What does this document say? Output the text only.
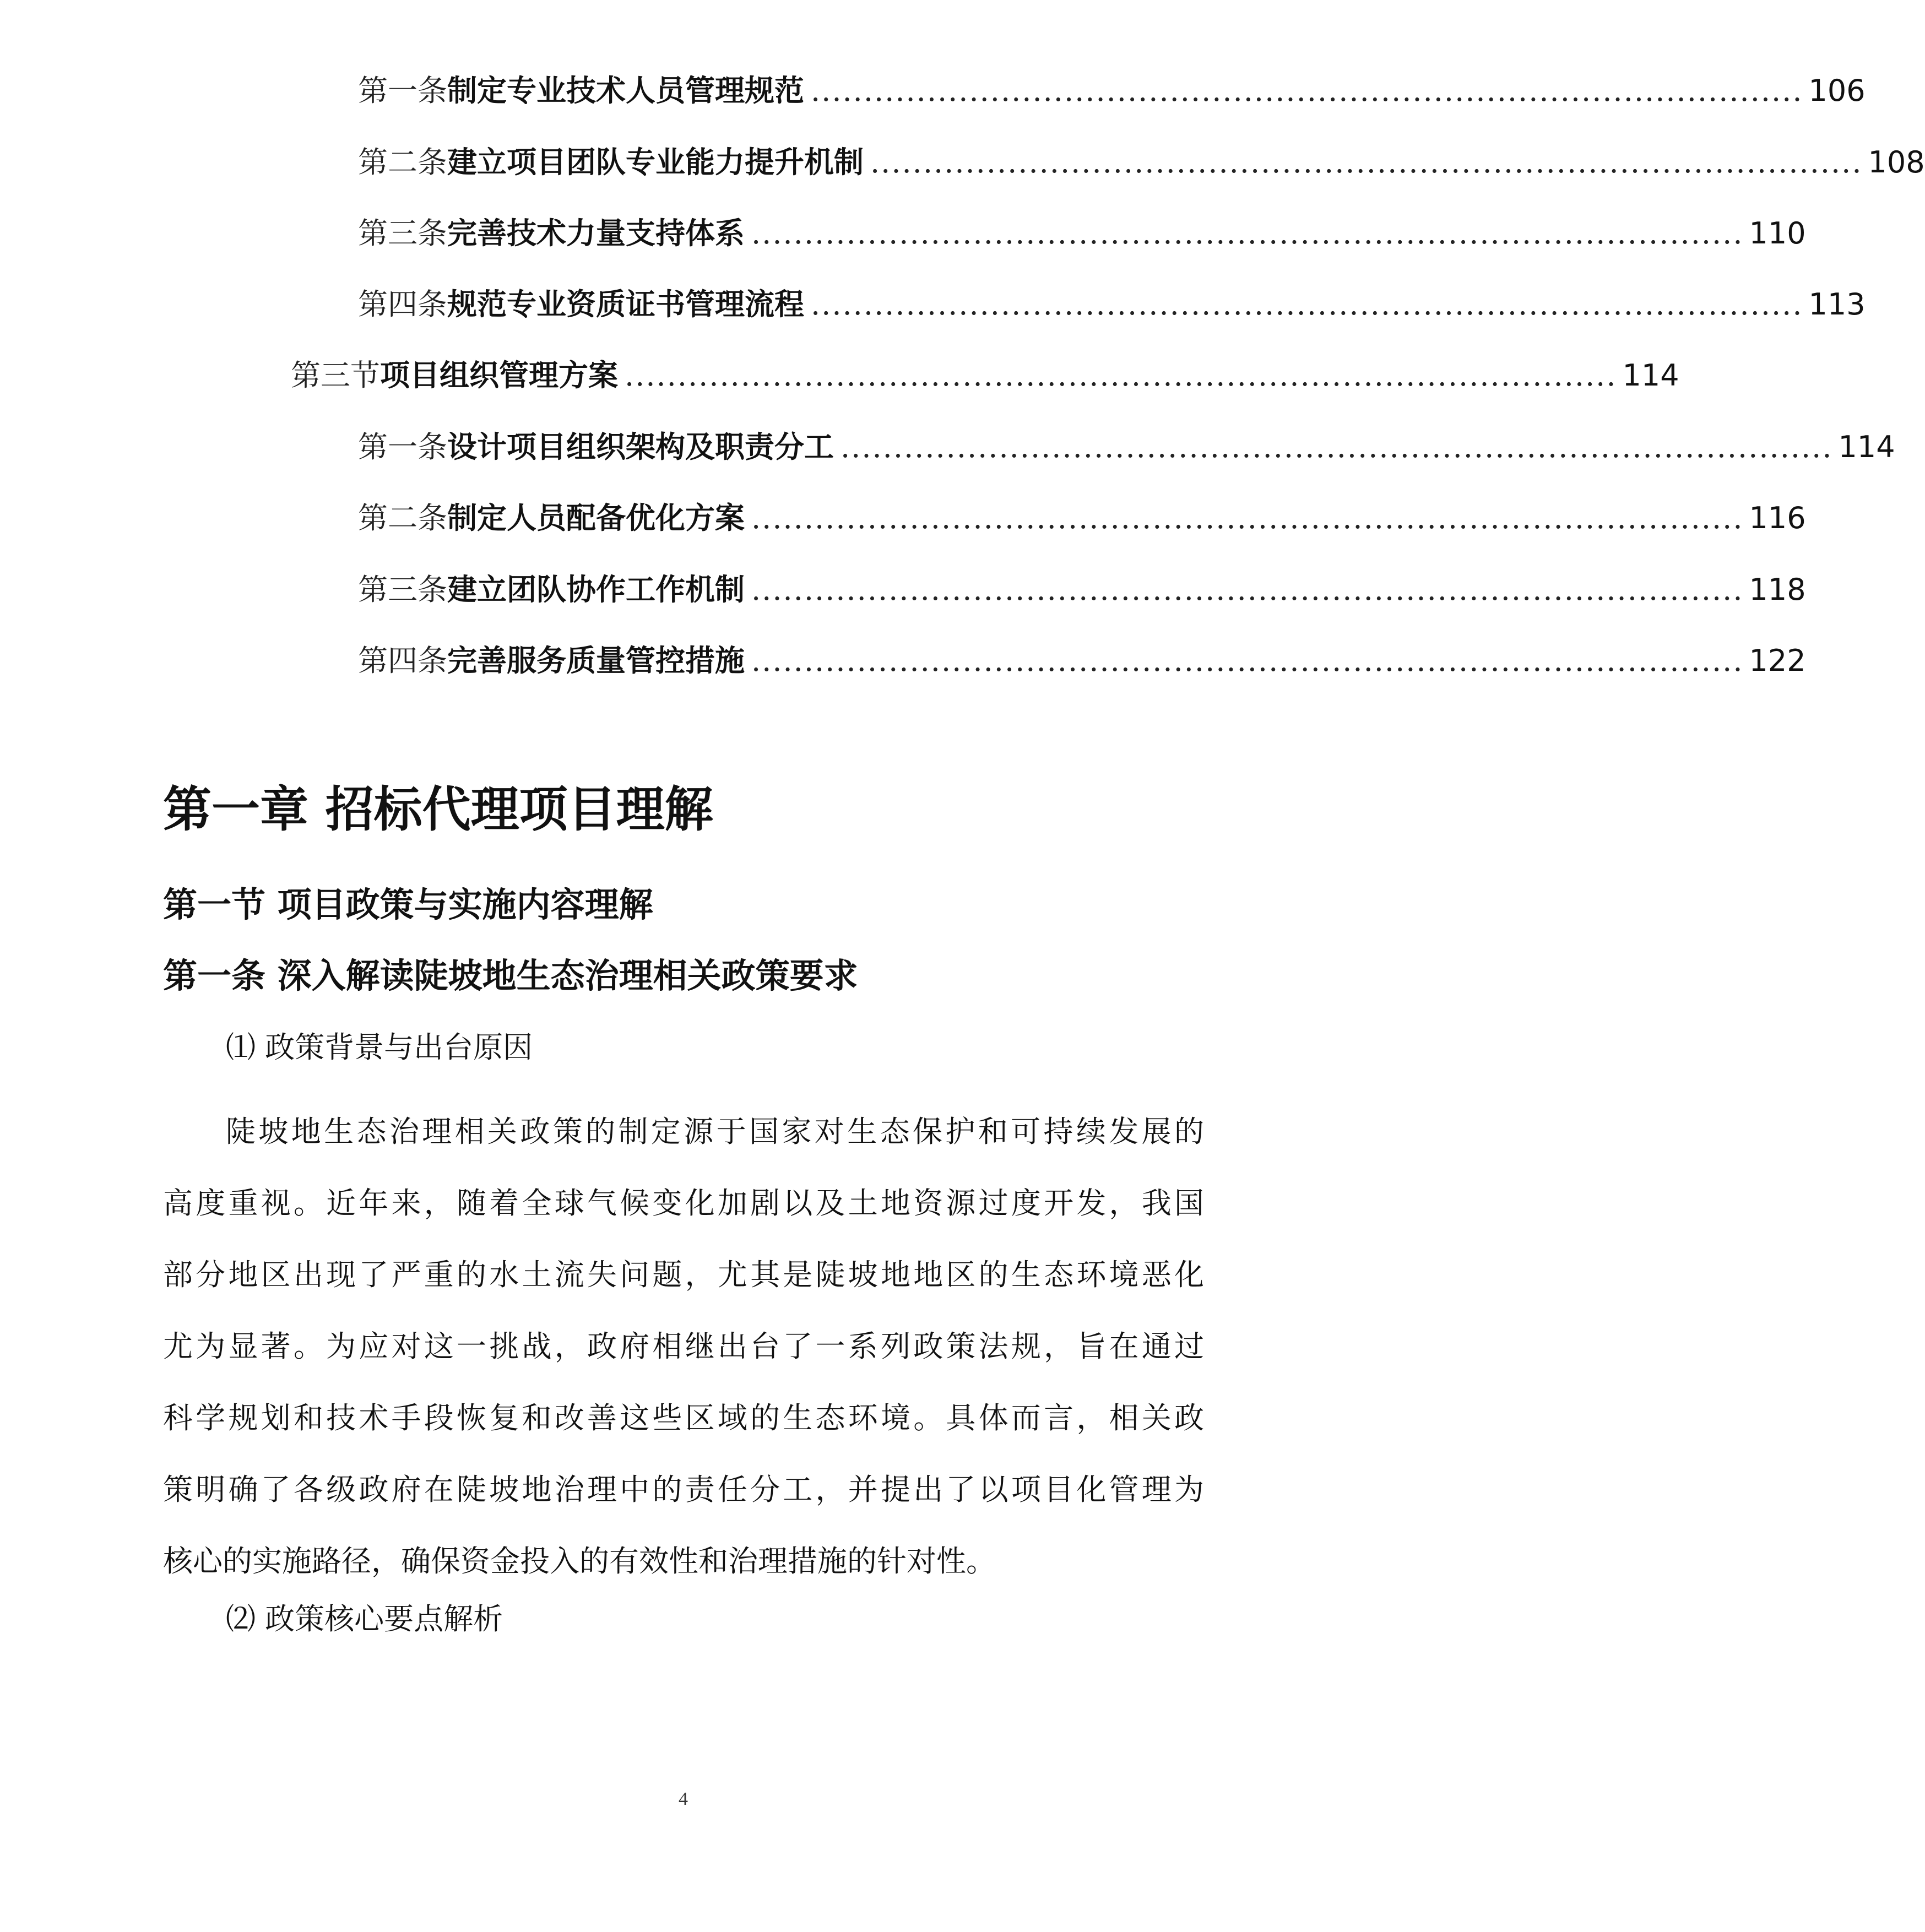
第一条 制定专业技术人员管理规范 .............................................................................................. 106
第二条 建立项目团队专业能力提升机制 .............................................................................................. 108
第三条 完善技术力量支持体系 .............................................................................................. 110
第四条 规范专业资质证书管理流程 .............................................................................................. 113
第三节 项目组织管理方案 .............................................................................................. 114
第一条 设计项目组织架构及职责分工 .............................................................................................. 114
第二条 制定人员配备优化方案 .............................................................................................. 116
第三条 建立团队协作工作机制 .............................................................................................. 118
第四条 完善服务质量管控措施 .............................................................................................. 122
第一章 招标代理项目理解
第一节 项目政策与实施内容理解
第一条 深入解读陡坡地生态治理相关政策要求
⑴ 政策背景与出台原因
陡坡地生态治理相关政策的制定源于国家对生态保护和可持续发展的
高度重视。近年来，随着全球气候变化加剧以及土地资源过度开发，我国
部分地区出现了严重的水土流失问题，尤其是陡坡地地区的生态环境恶化
尤为显著。为应对这一挑战，政府相继出台了一系列政策法规，旨在通过
科学规划和技术手段恢复和改善这些区域的生态环境。具体而言，相关政
策明确了各级政府在陡坡地治理中的责任分工，并提出了以项目化管理为
核心的实施路径，确保资金投入的有效性和治理措施的针对性。
⑵ 政策核心要点解析
4
